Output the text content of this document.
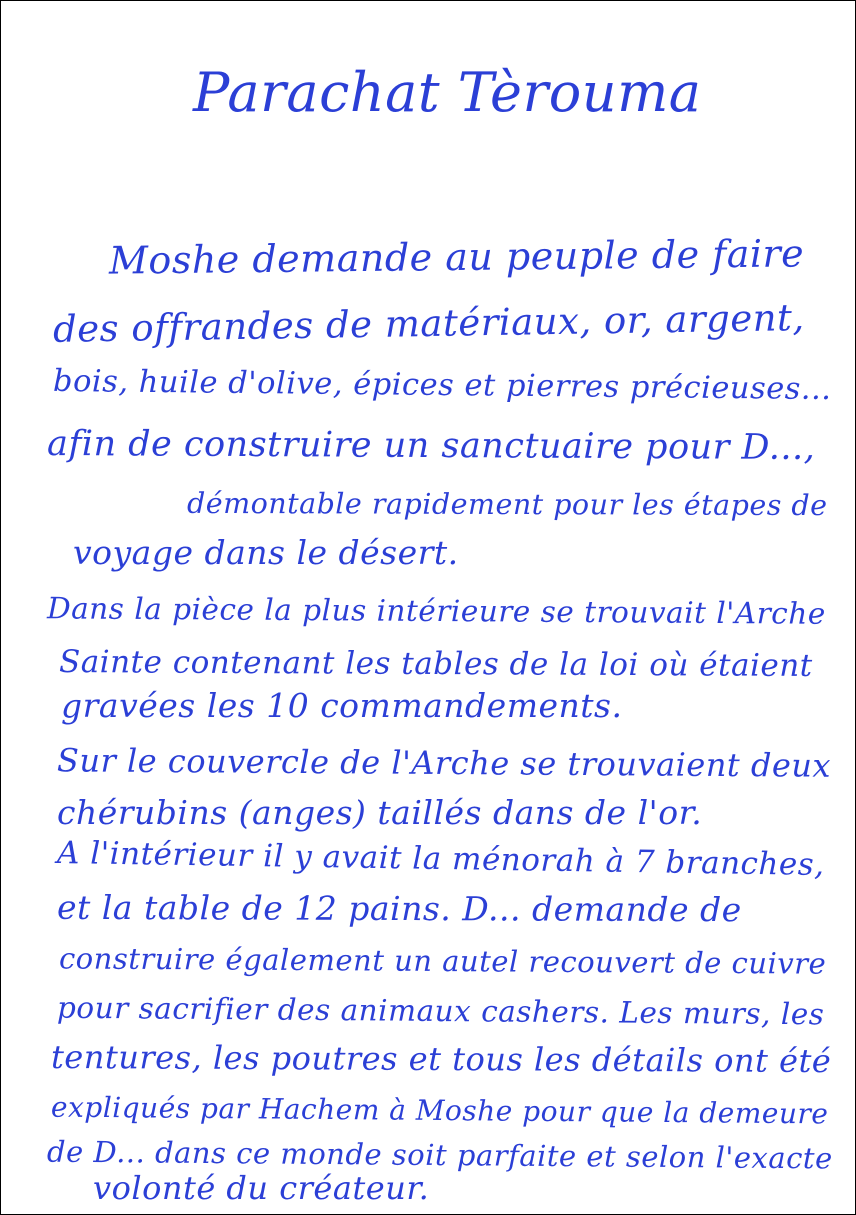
Parachat Tèrouma
Moshe demande au peuple de faire
des offrandes de matériaux, or, argent,
bois, huile d'olive, épices et pierres précieuses...
afin de construire un sanctuaire pour D...,
démontable rapidement pour les étapes de
voyage dans le désert.
Dans la pièce la plus intérieure se trouvait l'Arche
Sainte contenant les tables de la loi où étaient
gravées les 10 commandements.
Sur le couvercle de l'Arche se trouvaient deux
chérubins (anges) taillés dans de l'or.
A l'intérieur il y avait la ménorah à 7 branches,
et la table de 12 pains. D... demande de
construire également un autel recouvert de cuivre
pour sacrifier des animaux cashers. Les murs, les
tentures, les poutres et tous les détails ont été
expliqués par Hachem à Moshe pour que la demeure
de D... dans ce monde soit parfaite et selon l'exacte
volonté du créateur.
